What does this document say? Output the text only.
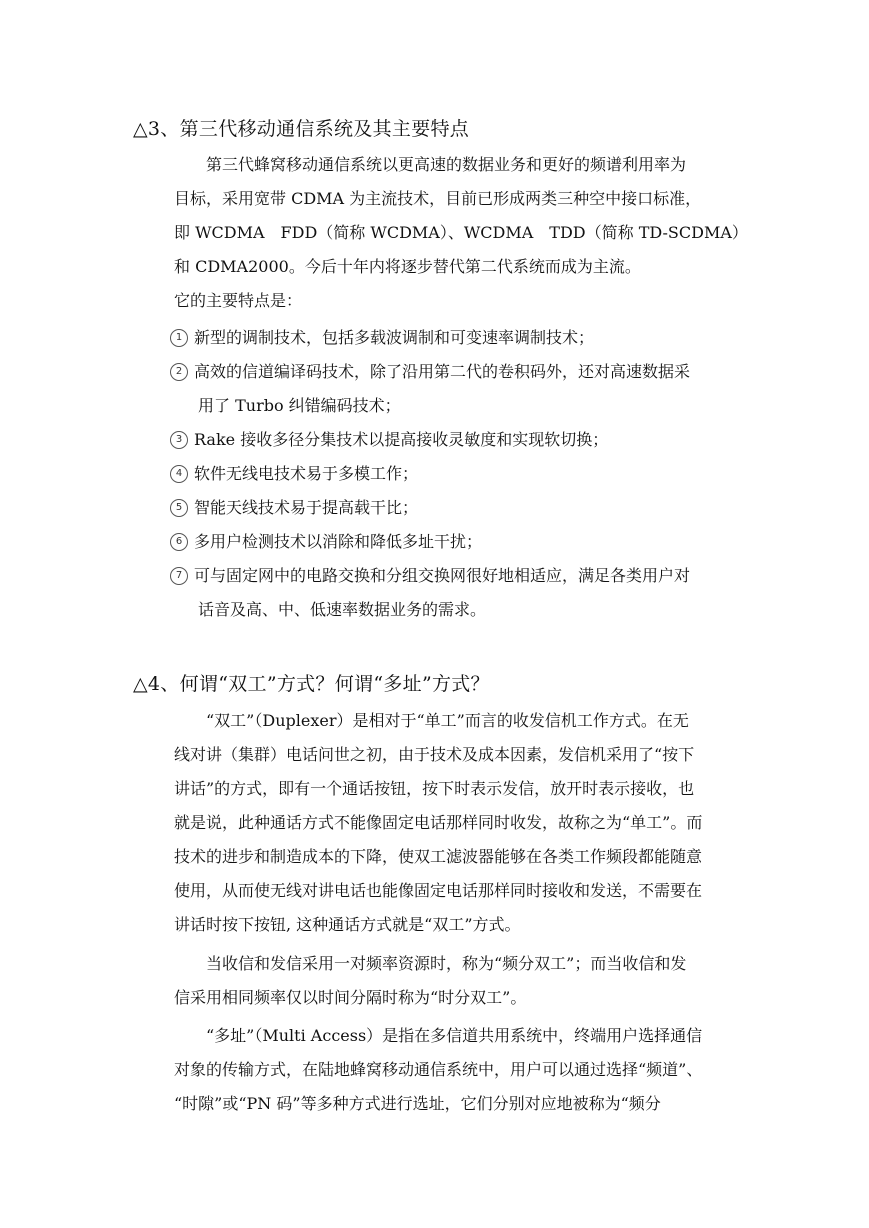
△3、第三代移动通信系统及其主要特点
第三代蜂窝移动通信系统以更高速的数据业务和更好的频谱利用率为
目标，采用宽带 CDMA 为主流技术，目前已形成两类三种空中接口标准，
即 WCDMA　FDD（简称 WCDMA）、WCDMA　TDD（简称 TD-SCDMA）
和 CDMA2000。今后十年内将逐步替代第二代系统而成为主流。
它的主要特点是：
1 新型的调制技术，包括多载波调制和可变速率调制技术；
2 高效的信道编译码技术，除了沿用第二代的卷积码外，还对高速数据采
用了 Turbo 纠错编码技术；
3 Rake 接收多径分集技术以提高接收灵敏度和实现软切换；
4 软件无线电技术易于多模工作；
5 智能天线技术易于提高载干比；
6 多用户检测技术以消除和降低多址干扰；
7 可与固定网中的电路交换和分组交换网很好地相适应，满足各类用户对
话音及高、中、低速率数据业务的需求。
△4、何谓“双工”方式？何谓“多址”方式？
“双工”（Duplexer）是相对于“单工”而言的收发信机工作方式。在无
线对讲（集群）电话问世之初，由于技术及成本因素，发信机采用了“按下
讲话”的方式，即有一个通话按钮，按下时表示发信，放开时表示接收，也
就是说，此种通话方式不能像固定电话那样同时收发，故称之为“单工”。而
技术的进步和制造成本的下降，使双工滤波器能够在各类工作频段都能随意
使用，从而使无线对讲电话也能像固定电话那样同时接收和发送，不需要在
讲话时按下按钮, 这种通话方式就是“双工”方式。
当收信和发信采用一对频率资源时，称为“频分双工”；而当收信和发
信采用相同频率仅以时间分隔时称为“时分双工”。
“多址”（Multi Access）是指在多信道共用系统中，终端用户选择通信
对象的传输方式，在陆地蜂窝移动通信系统中，用户可以通过选择“频道”、
“时隙”或“PN 码”等多种方式进行选址，它们分别对应地被称为“频分
